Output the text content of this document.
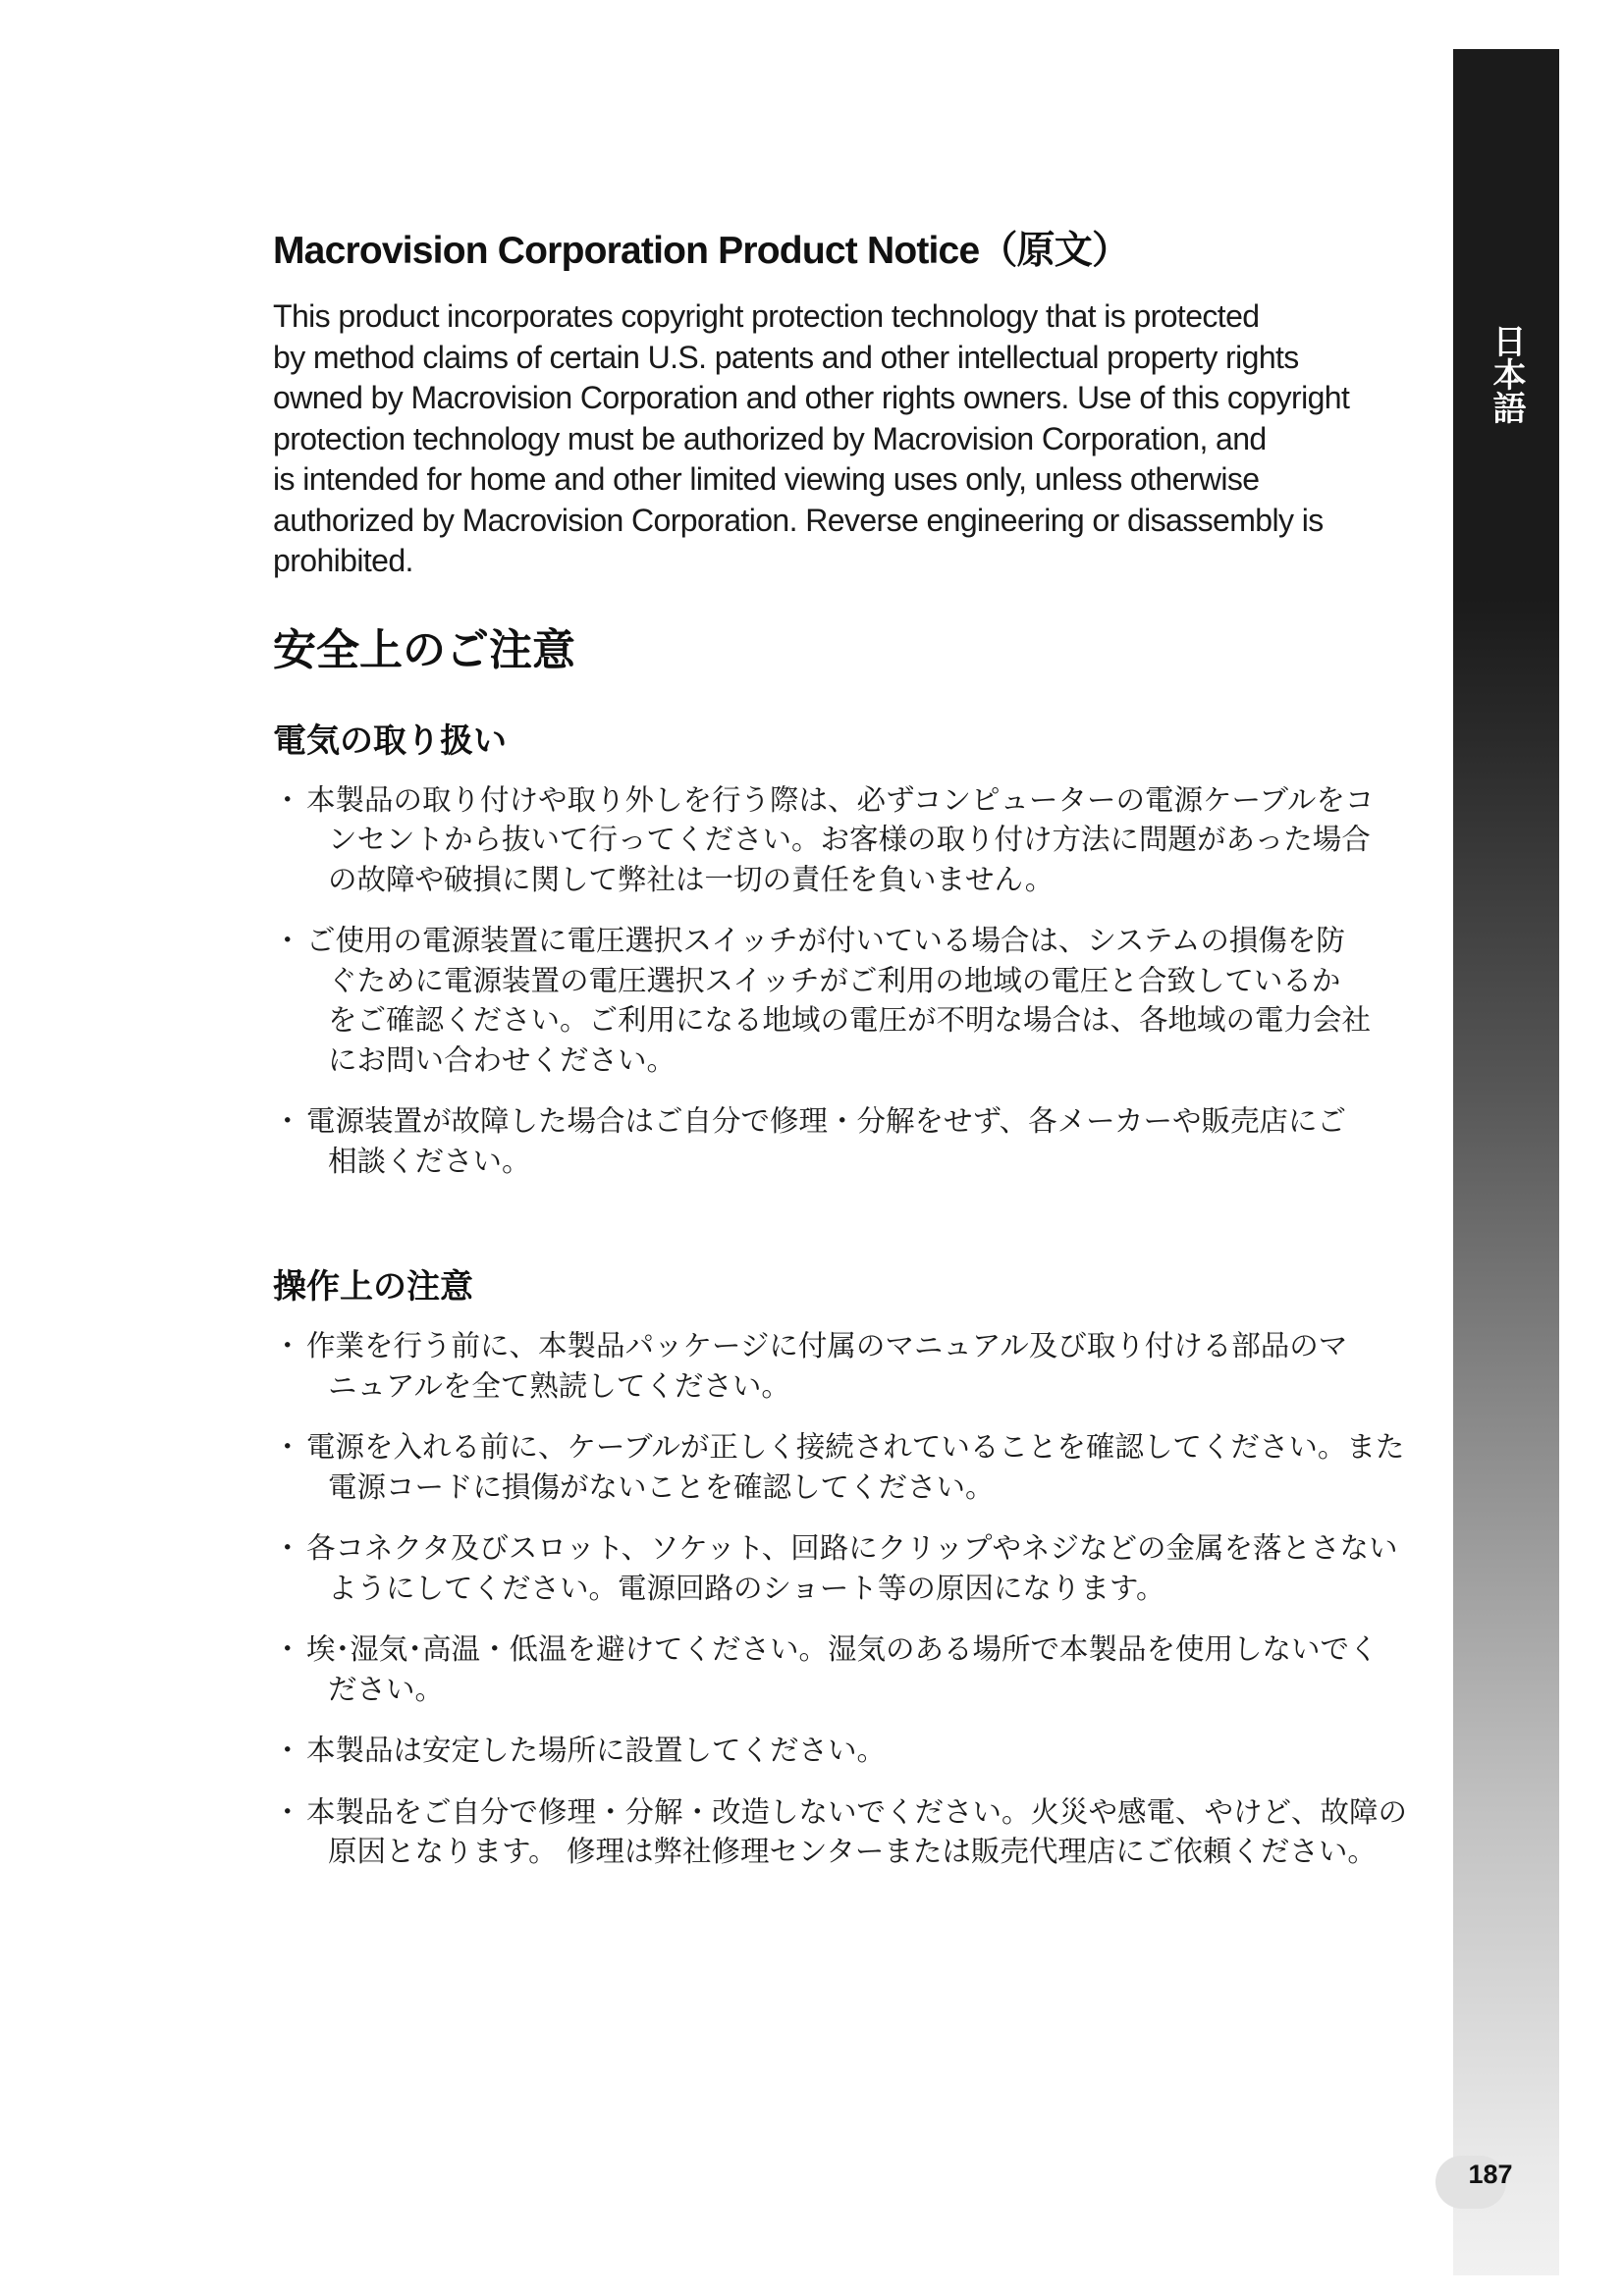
日本語
187
Macrovision Corporation Product Notice（原文）
This product incorporates copyright protection technology that is protected
by method claims of certain U.S. patents and other intellectual property rights
owned by Macrovision Corporation and other rights owners. Use of this copyright
protection technology must be authorized by Macrovision Corporation, and
is intended for home and other limited viewing uses only, unless otherwise
authorized by Macrovision Corporation. Reverse engineering or disassembly is
prohibited.
安全上のご注意
電気の取り扱い
・ 本製品の取り付けや取り外しを行う際は、必ずコンピューターの電源ケーブルをコ
ンセントから抜いて行ってください。お客様の取り付け方法に問題があった場合
の故障や破損に関して弊社は一切の責任を負いません。
・ ご使用の電源装置に電圧選択スイッチが付いている場合は、システムの損傷を防
ぐために電源装置の電圧選択スイッチがご利用の地域の電圧と合致しているか
をご確認ください。ご利用になる地域の電圧が不明な場合は、各地域の電力会社
にお問い合わせください。
・ 電源装置が故障した場合はご自分で修理・分解をせず、各メーカーや販売店にご
相談ください。
操作上の注意
・ 作業を行う前に、本製品パッケージに付属のマニュアル及び取り付ける部品のマ
ニュアルを全て熟読してください。
・ 電源を入れる前に、ケーブルが正しく接続されていることを確認してください。また
電源コードに損傷がないことを確認してください。
・ 各コネクタ及びスロット、ソケット、回路にクリップやネジなどの金属を落とさない
ようにしてください。電源回路のショート等の原因になります。
・ 埃･湿気･高温・低温を避けてください。湿気のある場所で本製品を使用しないでく
ださい。
・ 本製品は安定した場所に設置してください。
・ 本製品をご自分で修理・分解・改造しないでください。火災や感電、やけど、故障の
原因となります。 修理は弊社修理センターまたは販売代理店にご依頼ください。
